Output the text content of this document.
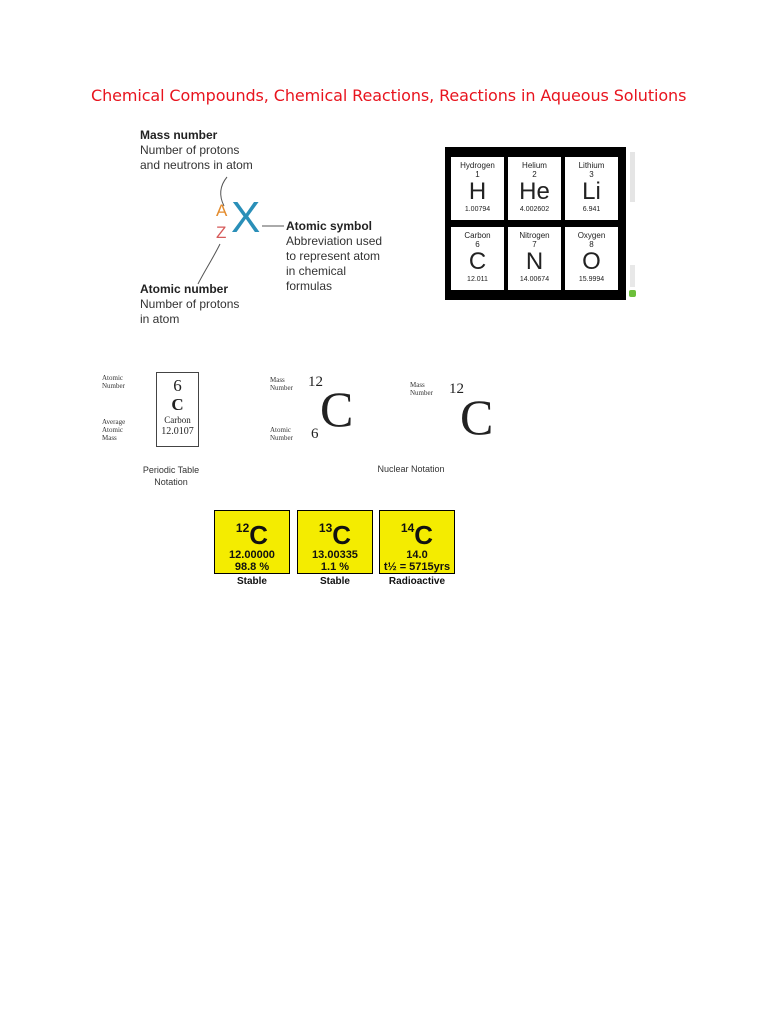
Chemical Compounds, Chemical Reactions, Reactions in Aqueous Solutions
Mass number
Number of protons
and neutrons in atom
A
Z X Atomic symbol
Abbreviation used
to represent atom
in chemical
formulas
Atomic number
Number of protons
in atom
Hydrogen
1
H
1.00794
Helium
2
He
4.002602
Lithium
3
Li
6.941
Carbon
6
C
12.011
Nitrogen
7
N
14.00674
Oxygen
8
O
15.9994
Atomic
Number
Average
Atomic
Mass
6
C
Carbon
12.0107
Periodic Table
Notation
Mass
Number
Atomic
Number
12
6 C	Mass
Number 12
C
Nuclear Notation
$^{12}$C
12.00000
98.8 %
Stable
$^{13}$C
13.00335
1.1 %
Stable
$^{14}$C
14.0
t½ = 5715yrs
Radioactive
